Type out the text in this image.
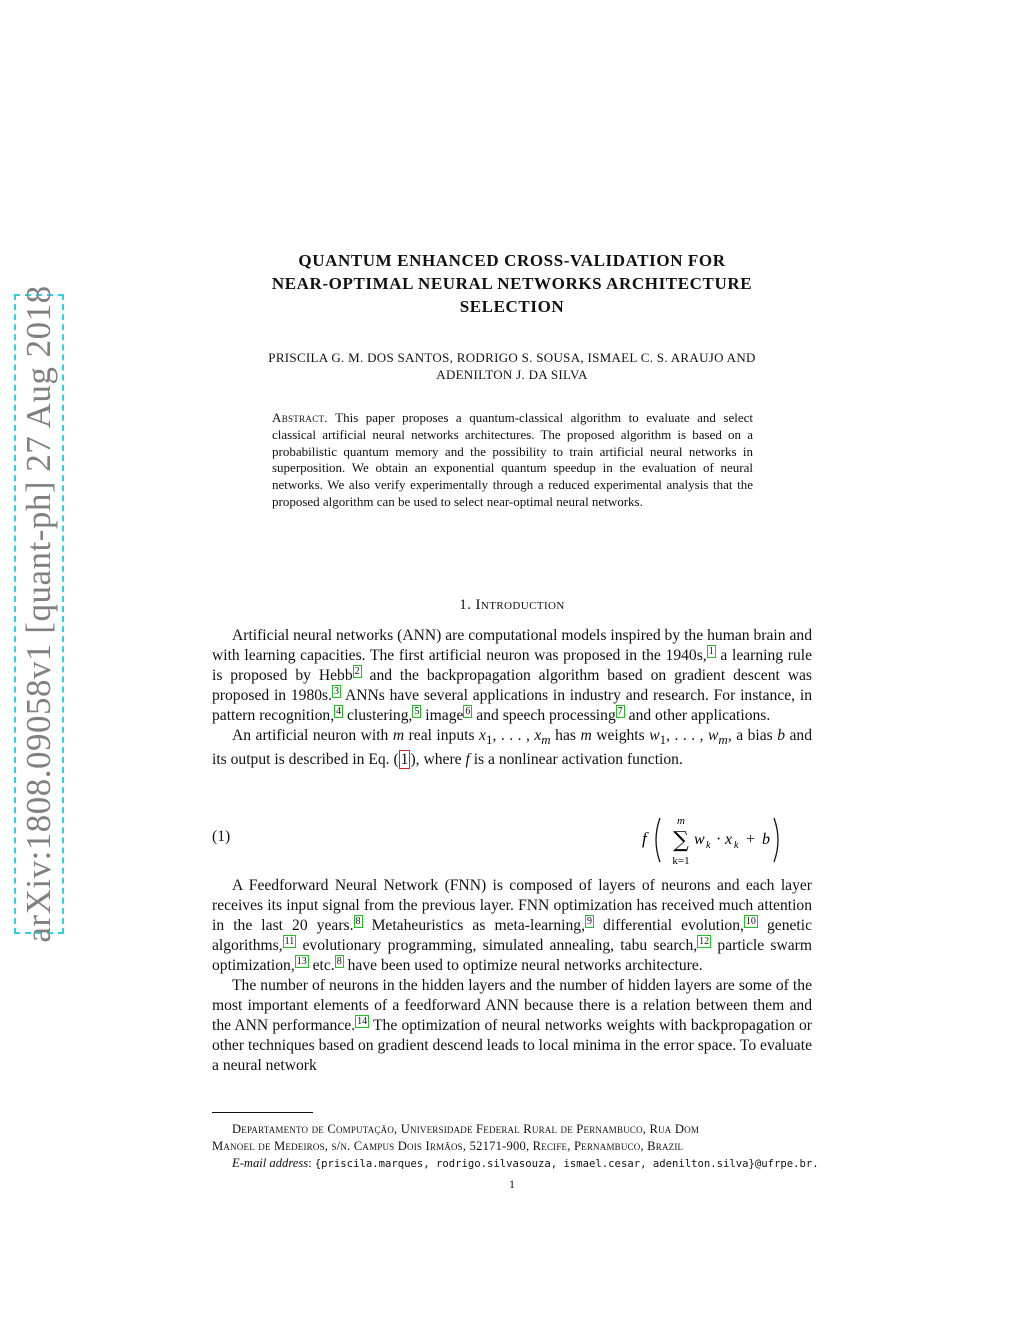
arXiv:1808.09058v1 [quant-ph] 27 Aug 2018
QUANTUM ENHANCED CROSS-VALIDATION FOR
NEAR-OPTIMAL NEURAL NETWORKS ARCHITECTURE
SELECTION
PRISCILA G. M. DOS SANTOS, RODRIGO S. SOUSA, ISMAEL C. S. ARAUJO AND
ADENILTON J. DA SILVA
Abstract. This paper proposes a quantum-classical algorithm to evaluate and select classical artificial neural networks architectures. The proposed algorithm is based on a probabilistic quantum memory and the possibility to train artificial neural networks in superposition. We obtain an exponential quantum speedup in the evaluation of neural networks. We also verify experimentally through a reduced experimental analysis that the proposed algorithm can be used to select near-optimal neural networks.
1. Introduction

Artificial neural networks (ANN) are computational models inspired by the human brain and with learning capacities. The first artificial neuron was proposed in the 1940s, $^1$ a learning rule is proposed by Hebb $^2$ and the backpropagation algorithm based on gradient descent was proposed in 1980s. $^3$ ANNs have several applications in industry and research. For instance, in pattern recognition, $^4$ clustering, $^5$ image $^6$ and speech processing $^7$ and other applications.

An artificial neuron with m real inputs $x_1$, . . . , $x_m$ has m weights $w_1$, . . . , $w_m$, a bias b and its output is described in Eq. ( 1 ), where f is a nonlinear activation function.

(1)	f
m
∑
k=1
w k · x k + b

A Feedforward Neural Network (FNN) is composed of layers of neurons and each layer receives its input signal from the previous layer. FNN optimization has received much attention in the last 20 years. $^8$ Metaheuristics as meta-learning, $^9$ differential evolution, $^{10}$ genetic algorithms, $^{11}$ evolutionary programming, simulated annealing, tabu search, $^{12}$ particle swarm optimization, $^{13}$ etc. $^8$ have been used to optimize neural networks architecture.

The number of neurons in the hidden layers and the number of hidden layers are some of the most important elements of a feedforward ANN because there is a relation between them and the ANN performance. $^{14}$ The optimization of neural networks weights with backpropagation or other techniques based on gradient descend leads to local minima in the error space. To evaluate a neural network

Departamento de Computação, Universidade Federal Rural de Pernambuco, Rua Dom
Manoel de Medeiros, s/n. Campus Dois Irmãos, 52171-900, Recife, Pernambuco, Brazil
E-mail address: {priscila.marques, rodrigo.silvasouza, ismael.cesar, adenilton.silva}@ufrpe.br.
1
